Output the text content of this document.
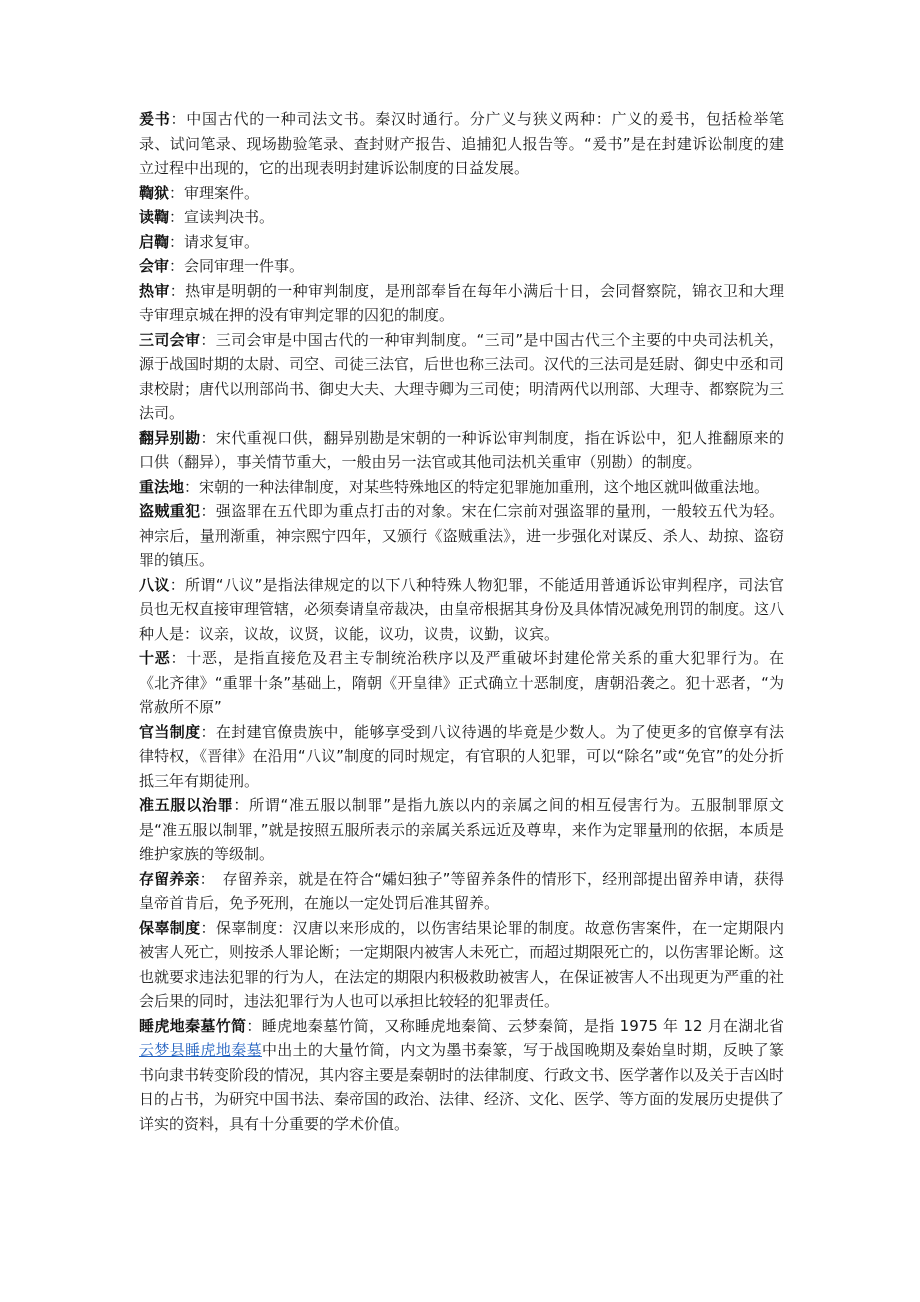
爰书：中国古代的一种司法文书。秦汉时通行。分广义与狭义两种：广义的爰书，包括检举笔录、试问笔录、现场勘验笔录、查封财产报告、追捕犯人报告等。“爰书”是在封建诉讼制度的建立过程中出现的，它的出现表明封建诉讼制度的日益发展。

鞫狱：审理案件。

读鞫：宣读判决书。

启鞫：请求复审。

会审：会同审理一件事。

热审：热审是明朝的一种审判制度，是刑部奉旨在每年小满后十日，会同督察院，锦衣卫和大理寺审理京城在押的没有审判定罪的囚犯的制度。

三司会审：三司会审是中国古代的一种审判制度。“三司”是中国古代三个主要的中央司法机关，源于战国时期的太尉、司空、司徒三法官，后世也称三法司。汉代的三法司是廷尉、御史中丞和司隶校尉；唐代以刑部尚书、御史大夫、大理寺卿为三司使；明清两代以刑部、大理寺、都察院为三法司。

翻异别勘：宋代重视口供，翻异别勘是宋朝的一种诉讼审判制度，指在诉讼中，犯人推翻原来的口供（翻异），事关情节重大，一般由另一法官或其他司法机关重审（别勘）的制度。

重法地：宋朝的一种法律制度，对某些特殊地区的特定犯罪施加重刑，这个地区就叫做重法地。

盗贼重犯：强盗罪在五代即为重点打击的对象。宋在仁宗前对强盗罪的量刑，一般较五代为轻。神宗后，量刑渐重，神宗熙宁四年，又颁行《盗贼重法》，进一步强化对谋反、杀人、劫掠、盗窃罪的镇压。

八议：所谓“八议”是指法律规定的以下八种特殊人物犯罪，不能适用普通诉讼审判程序，司法官员也无权直接审理管辖，必须奏请皇帝裁决，由皇帝根据其身份及具体情况减免刑罚的制度。这八种人是：议亲，议故，议贤，议能，议功，议贵，议勤，议宾。

十恶：十恶，是指直接危及君主专制统治秩序以及严重破坏封建伦常关系的重大犯罪行为。在《北齐律》“重罪十条”基础上，隋朝《开皇律》正式确立十恶制度，唐朝沿袭之。犯十恶者，“为常赦所不原”

官当制度：在封建官僚贵族中，能够享受到八议待遇的毕竟是少数人。为了使更多的官僚享有法律特权，《晋律》在沿用“八议”制度的同时规定，有官职的人犯罪，可以“除名”或“免官”的处分折抵三年有期徒刑。

准五服以治罪：所谓“准五服以制罪”是指九族以内的亲属之间的相互侵害行为。五服制罪原文是“准五服以制罪，”就是按照五服所表示的亲属关系远近及尊卑，来作为定罪量刑的依据，本质是维护家族的等级制。

存留养亲：　存留养亲，就是在符合“孀妇独子”等留养条件的情形下，经刑部提出留养申请，获得皇帝首肯后，免予死刑，在施以一定处罚后准其留养。

保辜制度：保辜制度：汉唐以来形成的，以伤害结果论罪的制度。故意伤害案件，在一定期限内被害人死亡，则按杀人罪论断；一定期限内被害人未死亡，而超过期限死亡的，以伤害罪论断。这也就要求违法犯罪的行为人，在法定的期限内积极救助被害人，在保证被害人不出现更为严重的社会后果的同时，违法犯罪行为人也可以承担比较轻的犯罪责任。

睡虎地秦墓竹简：睡虎地秦墓竹简，又称睡虎地秦简、云梦秦简，是指 1975 年 12 月在湖北省云梦县睡虎地秦墓中出土的大量竹简，内文为墨书秦篆，写于战国晚期及秦始皇时期，反映了篆书向隶书转变阶段的情况，其内容主要是秦朝时的法律制度、行政文书、医学著作以及关于吉凶时日的占书，为研究中国书法、秦帝国的政治、法律、经济、文化、医学、等方面的发展历史提供了详实的资料，具有十分重要的学术价值。
